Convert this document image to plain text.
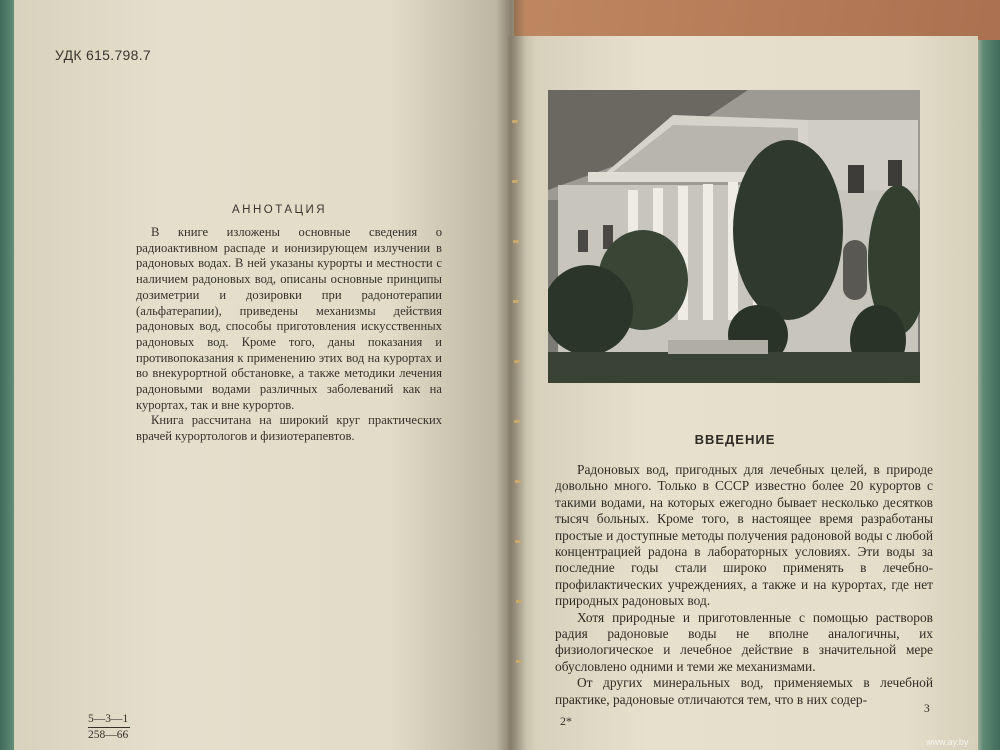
УДК 615.798.7
АННОТАЦИЯ

В книге изложены основные сведения о радиоактивном распаде и ионизирующем излучении в радоновых водах. В ней указаны курорты и местности с наличием радоновых вод, описаны основные принципы дозиметрии и дозировки при радонотерапии (альфатерапии), приведены механизмы действия радоновых вод, способы приготовления искусственных радоновых вод. Кроме того, даны показания и противопоказания к применению этих вод на курортах и во внекурортной обстановке, а также методики лечения радоновыми водами различных заболеваний как на курортах, так и вне курортов.

Книга рассчитана на широкий круг практических врачей курортологов и физиотерапевтов.

5—3—1
258—66
ВВЕДЕНИЕ

Радоновых вод, пригодных для лечебных целей, в природе довольно много. Только в СССР известно более 20 курортов с такими водами, на которых ежегодно бывает несколько десятков тысяч больных. Кроме того, в настоящее время разработаны простые и доступные методы получения радоновой воды с любой концентрацией радона в лабораторных условиях. Эти воды за последние годы стали широко применять в лечебно-профилактических учреждениях, а также и на курортах, где нет природных радоновых вод.

Хотя природные и приготовленные с помощью растворов радия радоновые воды не вполне аналогичны, их физиологическое и лечебное действие в значительной мере обусловлено одними и теми же механизмами.

От других минеральных вод, применяемых в лечебной практике, радоновые отличаются тем, что в них содер-

2*
3
www.ay.by
